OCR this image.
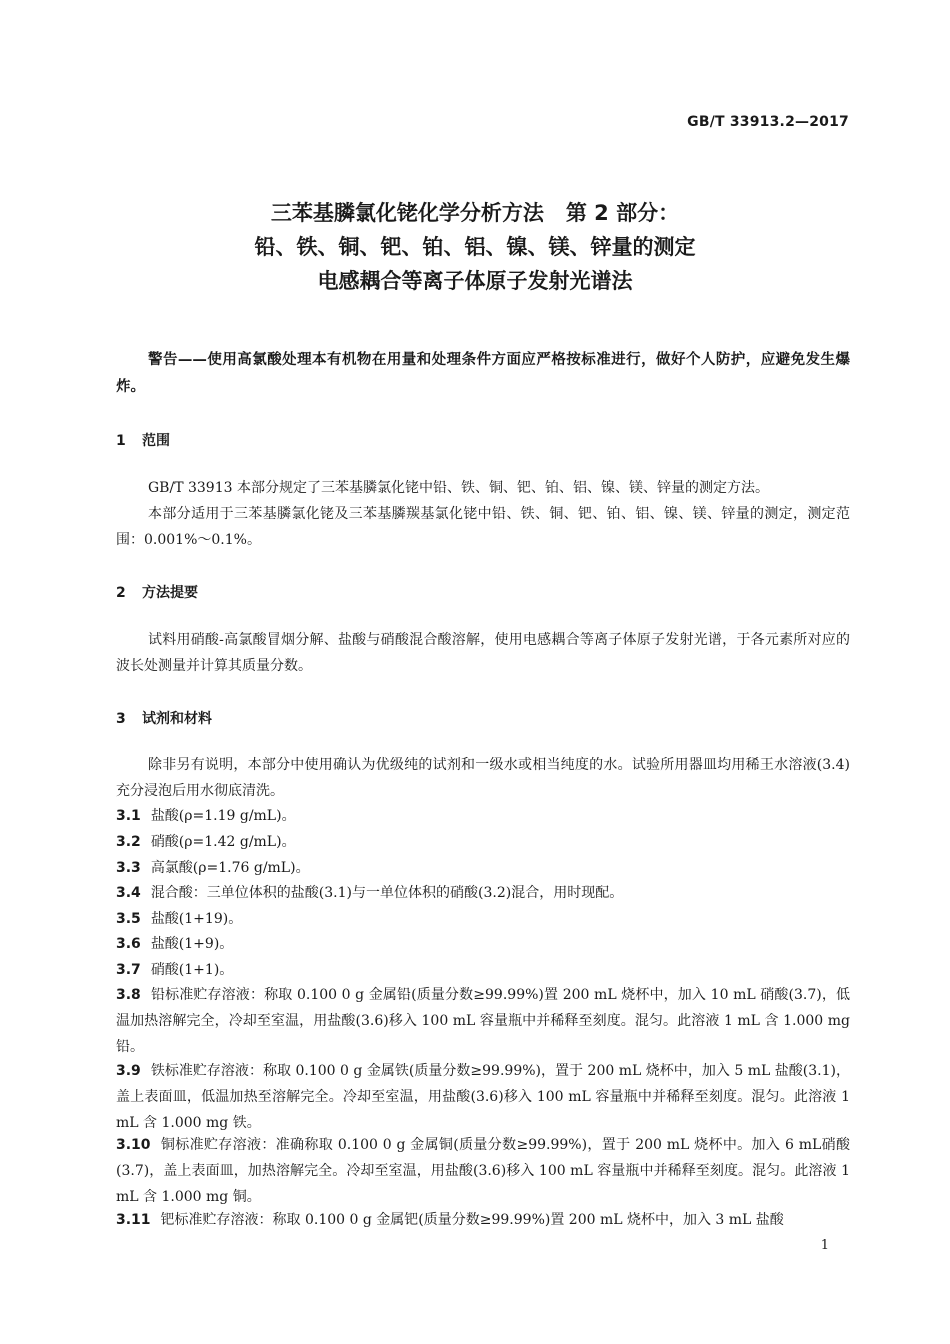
GB/T 33913.2—2017
三苯基膦氯化铑化学分析方法   第 2 部分：
铅、铁、铜、钯、铂、铝、镍、镁、锌量的测定
电感耦合等离子体原子发射光谱法
警告——使用高氯酸处理本有机物在用量和处理条件方面应严格按标准进行，做好个人防护，应避免发生爆炸。
1 范围
GB/T 33913 本部分规定了三苯基膦氯化铑中铅、铁、铜、钯、铂、铝、镍、镁、锌量的测定方法。
本部分适用于三苯基膦氯化铑及三苯基膦羰基氯化铑中铅、铁、铜、钯、铂、铝、镍、镁、锌量的测定，测定范围：0.001%～0.1%。
2 方法提要
试料用硝酸-高氯酸冒烟分解、盐酸与硝酸混合酸溶解，使用电感耦合等离子体原子发射光谱，于各元素所对应的波长处测量并计算其质量分数。
3 试剂和材料
除非另有说明，本部分中使用确认为优级纯的试剂和一级水或相当纯度的水。试验所用器皿均用稀王水溶液(3.4)充分浸泡后用水彻底清洗。
3.1 盐酸(ρ=1.19 g/mL)。
3.2 硝酸(ρ=1.42 g/mL)。
3.3 高氯酸(ρ=1.76 g/mL)。
3.4 混合酸：三单位体积的盐酸(3.1)与一单位体积的硝酸(3.2)混合，用时现配。
3.5 盐酸(1+19)。
3.6 盐酸(1+9)。
3.7 硝酸(1+1)。
3.8 铅标准贮存溶液：称取 0.100 0 g 金属铅(质量分数≥99.99%)置 200 mL 烧杯中，加入 10 mL 硝酸(3.7)，低温加热溶解完全，冷却至室温，用盐酸(3.6)移入 100 mL 容量瓶中并稀释至刻度。混匀。此溶液 1 mL 含 1.000 mg 铅。
3.9 铁标准贮存溶液：称取 0.100 0 g 金属铁(质量分数≥99.99%)，置于 200 mL 烧杯中，加入 5 mL 盐酸(3.1)，盖上表面皿，低温加热至溶解完全。冷却至室温，用盐酸(3.6)移入 100 mL 容量瓶中并稀释至刻度。混匀。此溶液 1 mL 含 1.000 mg 铁。
3.10 铜标准贮存溶液：准确称取 0.100 0 g 金属铜(质量分数≥99.99%)，置于 200 mL 烧杯中。加入 6 mL硝酸(3.7)，盖上表面皿，加热溶解完全。冷却至室温，用盐酸(3.6)移入 100 mL 容量瓶中并稀释至刻度。混匀。此溶液 1 mL 含 1.000 mg 铜。
3.11 钯标准贮存溶液：称取 0.100 0 g 金属钯(质量分数≥99.99%)置 200 mL 烧杯中，加入 3 mL 盐酸
1
